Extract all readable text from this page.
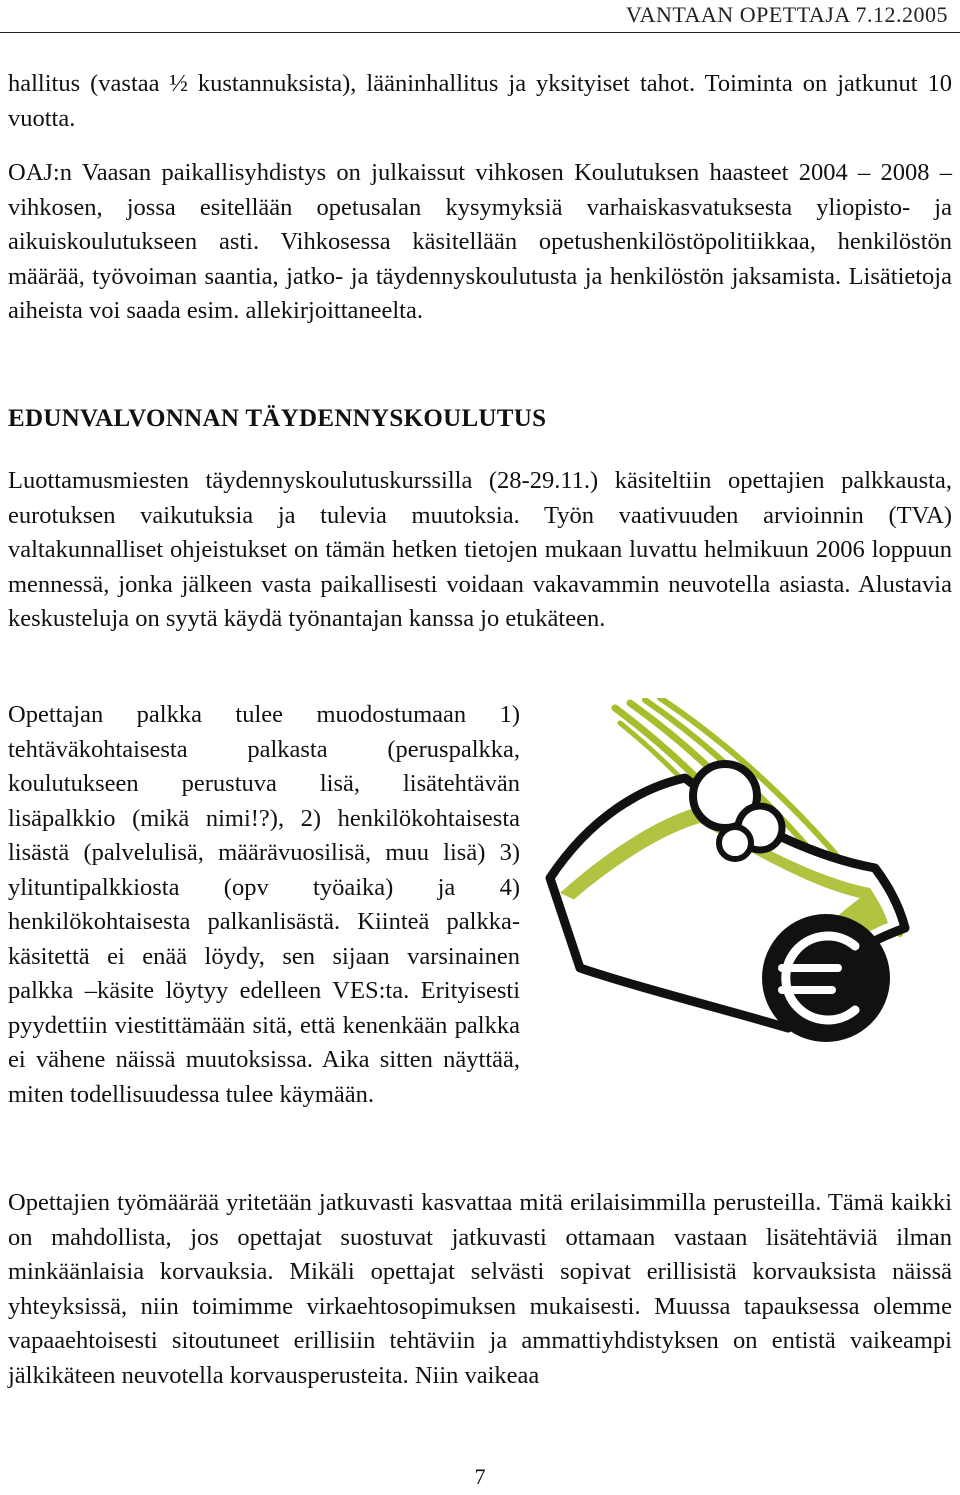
VANTAAN OPETTAJA 7.12.2005

hallitus (vastaa ½ kustannuksista), lääninhallitus ja yksityiset tahot. Toiminta on jatkunut 10 vuotta.

OAJ:n Vaasan paikallisyhdistys on julkaissut vihkosen Koulutuksen haasteet 2004 – 2008 –vihkosen, jossa esitellään opetusalan kysymyksiä varhaiskasvatuksesta yliopisto- ja aikuiskoulutukseen asti. Vihkosessa käsitellään opetushenkilöstöpolitiikkaa, henkilöstön määrää, työvoiman saantia, jatko- ja täydennyskoulutusta ja henkilöstön jaksamista. Lisätietoja aiheista voi saada esim. allekirjoittaneelta.

EDUNVALVONNAN TÄYDENNYSKOULUTUS

Luottamusmiesten täydennyskoulutuskurssilla (28-29.11.) käsiteltiin opettajien palkkausta, eurotuksen vaikutuksia ja tulevia muutoksia. Työn vaativuuden arvioinnin (TVA) valtakunnalliset ohjeistukset on tämän hetken tietojen mukaan luvattu helmikuun 2006 loppuun mennessä, jonka jälkeen vasta paikallisesti voidaan vakavammin neuvotella asiasta. Alustavia keskusteluja on syytä käydä työnantajan kanssa jo etukäteen.

Opettajan palkka tulee muodostumaan 1) tehtäväkohtaisesta palkasta (peruspalkka, koulutukseen perustuva lisä, lisätehtävän lisäpalkkio (mikä nimi!?), 2) henkilökohtaisesta lisästä (palvelulisä, määrävuosilisä, muu lisä) 3) ylituntipalkkiosta (opv työaika) ja 4) henkilökohtaisesta palkanlisästä. Kiinteä palkka- käsitettä ei enää löydy, sen sijaan varsinainen palkka –käsite löytyy edelleen VES:ta. Erityisesti pyydettiin viestittämään sitä, että kenenkään palkka ei vähene näissä muutoksissa. Aika sitten näyttää, miten todellisuudessa tulee käymään.

Opettajien työmäärää yritetään jatkuvasti kasvattaa mitä erilaisimmilla perusteilla. Tämä kaikki on mahdollista, jos opettajat suostuvat jatkuvasti ottamaan vastaan lisätehtäviä ilman minkäänlaisia korvauksia. Mikäli opettajat selvästi sopivat erillisistä korvauksista näissä yhteyksissä, niin toimimme virkaehtosopimuksen mukaisesti. Muussa tapauksessa olemme vapaaehtoisesti sitoutuneet erillisiin tehtäviin ja ammattiyhdistyksen on entistä vaikeampi jälkikäteen neuvotella korvausperusteita. Niin vaikeaa

7
